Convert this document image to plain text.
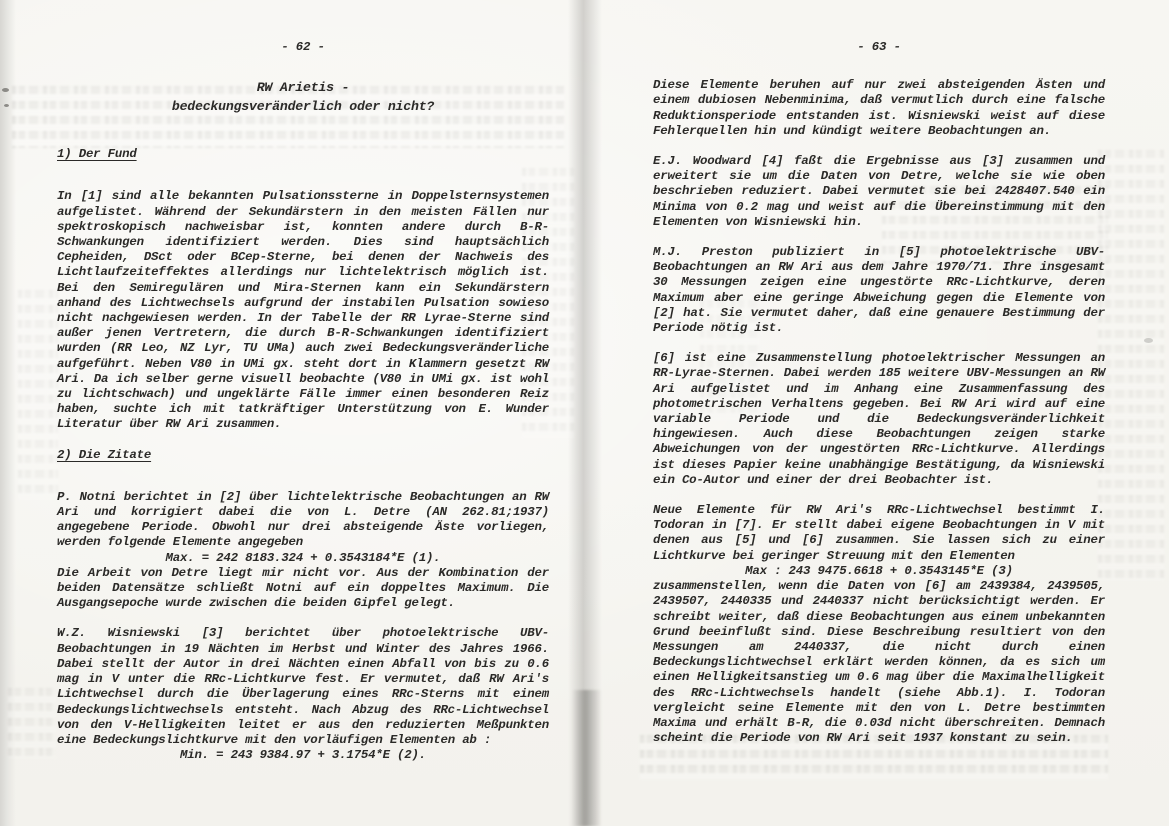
- 62 -
RW Arietis -
bedeckungsveränderlich oder nicht?
1) Der Fund

In [1] sind alle bekannten Pulsationssterne in Doppelsternsystemen aufgelistet. Während der Sekundärstern in den meisten Fällen nur spektroskopisch nachweisbar ist, konnten andere durch B-R-Schwankungen identifiziert werden. Dies sind hauptsächlich Cepheiden, DSct oder BCep-Sterne, bei denen der Nachweis des Lichtlaufzeiteffektes allerdings nur lichtelektrisch möglich ist. Bei den Semiregulären und Mira-Sternen kann ein Sekundärstern anhand des Lichtwechsels aufgrund der instabilen Pulsation sowieso nicht nachgewiesen werden. In der Tabelle der RR Lyrae-Sterne sind außer jenen Vertretern, die durch B-R-Schwankungen identifiziert wurden (RR Leo, NZ Lyr, TU UMa) auch zwei Bedeckungsveränderliche aufgeführt. Neben V80 in UMi gx. steht dort in Klammern gesetzt RW Ari. Da ich selber gerne visuell beobachte (V80 in UMi gx. ist wohl zu lichtschwach) und ungeklärte Fälle immer einen besonderen Reiz haben, suchte ich mit tatkräftiger Unterstützung von E. Wunder Literatur über RW Ari zusammen.

2) Die Zitate

P. Notni berichtet in [2] über lichtelektrische Beobachtungen an RW Ari und korrigiert dabei die von L. Detre (AN 262.81;1937) angegebene Periode. Obwohl nur drei absteigende Äste vorliegen, werden folgende Elemente angegeben

Max. = 242 8183.324 + 0.3543184*E (1).

Die Arbeit von Detre liegt mir nicht vor. Aus der Kombination der beiden Datensätze schließt Notni auf ein doppeltes Maximum. Die Ausgangsepoche wurde zwischen die beiden Gipfel gelegt.

W.Z. Wisniewski [3] berichtet über photoelektrische UBV-Beobachtungen in 19 Nächten im Herbst und Winter des Jahres 1966. Dabei stellt der Autor in drei Nächten einen Abfall von bis zu 0.6 mag in V unter die RRc-Lichtkurve fest. Er vermutet, daß RW Ari's Lichtwechsel durch die Überlagerung eines RRc-Sterns mit einem Bedeckungslichtwechsels entsteht. Nach Abzug des RRc-Lichtwechsel von den V-Helligkeiten leitet er aus den reduzierten Meßpunkten eine Bedeckungslichtkurve mit den vorläufigen Elementen ab :

Min. = 243 9384.97 + 3.1754*E (2).
- 63 -

Diese Elemente beruhen auf nur zwei absteigenden Ästen und einem dubiosen Nebenminima, daß vermutlich durch eine falsche Reduktionsperiode entstanden ist. Wisniewski weist auf diese Fehlerquellen hin und kündigt weitere Beobachtungen an.

E.J. Woodward [4] faßt die Ergebnisse aus [3] zusammen und erweitert sie um die Daten von Detre, welche sie wie oben beschrieben reduziert. Dabei vermutet sie bei 2428407.540 ein Minima von 0.2 mag und weist auf die Übereinstimmung mit den Elementen von Wisniewski hin.

M.J. Preston publiziert in [5] photoelektrische UBV-Beobachtungen an RW Ari aus dem Jahre 1970/71. Ihre insgesamt 30 Messungen zeigen eine ungestörte RRc-Lichtkurve, deren Maximum aber eine geringe Abweichung gegen die Elemente von [2] hat. Sie vermutet daher, daß eine genauere Bestimmung der Periode nötig ist.

[6] ist eine Zusammenstellung photoelektrischer Messungen an RR-Lyrae-Sternen. Dabei werden 185 weitere UBV-Messungen an RW Ari aufgelistet und im Anhang eine Zusammenfassung des photometrischen Verhaltens gegeben. Bei RW Ari wird auf eine variable Periode und die Bedeckungsveränderlichkeit hingewiesen. Auch diese Beobachtungen zeigen starke Abweichungen von der ungestörten RRc-Lichtkurve. Allerdings ist dieses Papier keine unabhängige Bestätigung, da Wisniewski ein Co-Autor und einer der drei Beobachter ist.

Neue Elemente für RW Ari's RRc-Lichtwechsel bestimmt I. Todoran in [7]. Er stellt dabei eigene Beobachtungen in V mit denen aus [5] und [6] zusammen. Sie lassen sich zu einer Lichtkurve bei geringer Streuung mit den Elementen

Max : 243 9475.6618 + 0.3543145*E (3)

zusammenstellen, wenn die Daten von [6] am 2439384, 2439505, 2439507, 2440335 und 2440337 nicht berücksichtigt werden. Er schreibt weiter, daß diese Beobachtungen aus einem unbekannten Grund beeinflußt sind. Diese Beschreibung resultiert von den Messungen am 2440337, die nicht durch einen Bedeckungslichtwechsel erklärt werden können, da es sich um einen Helligkeitsanstieg um 0.6 mag über die Maximalhelligkeit des RRc-Lichtwechsels handelt (siehe Abb.1). I. Todoran vergleicht seine Elemente mit den von L. Detre bestimmten Maxima und erhält B-R, die 0.03d nicht überschreiten. Demnach scheint die Periode von RW Ari seit 1937 konstant zu sein.
